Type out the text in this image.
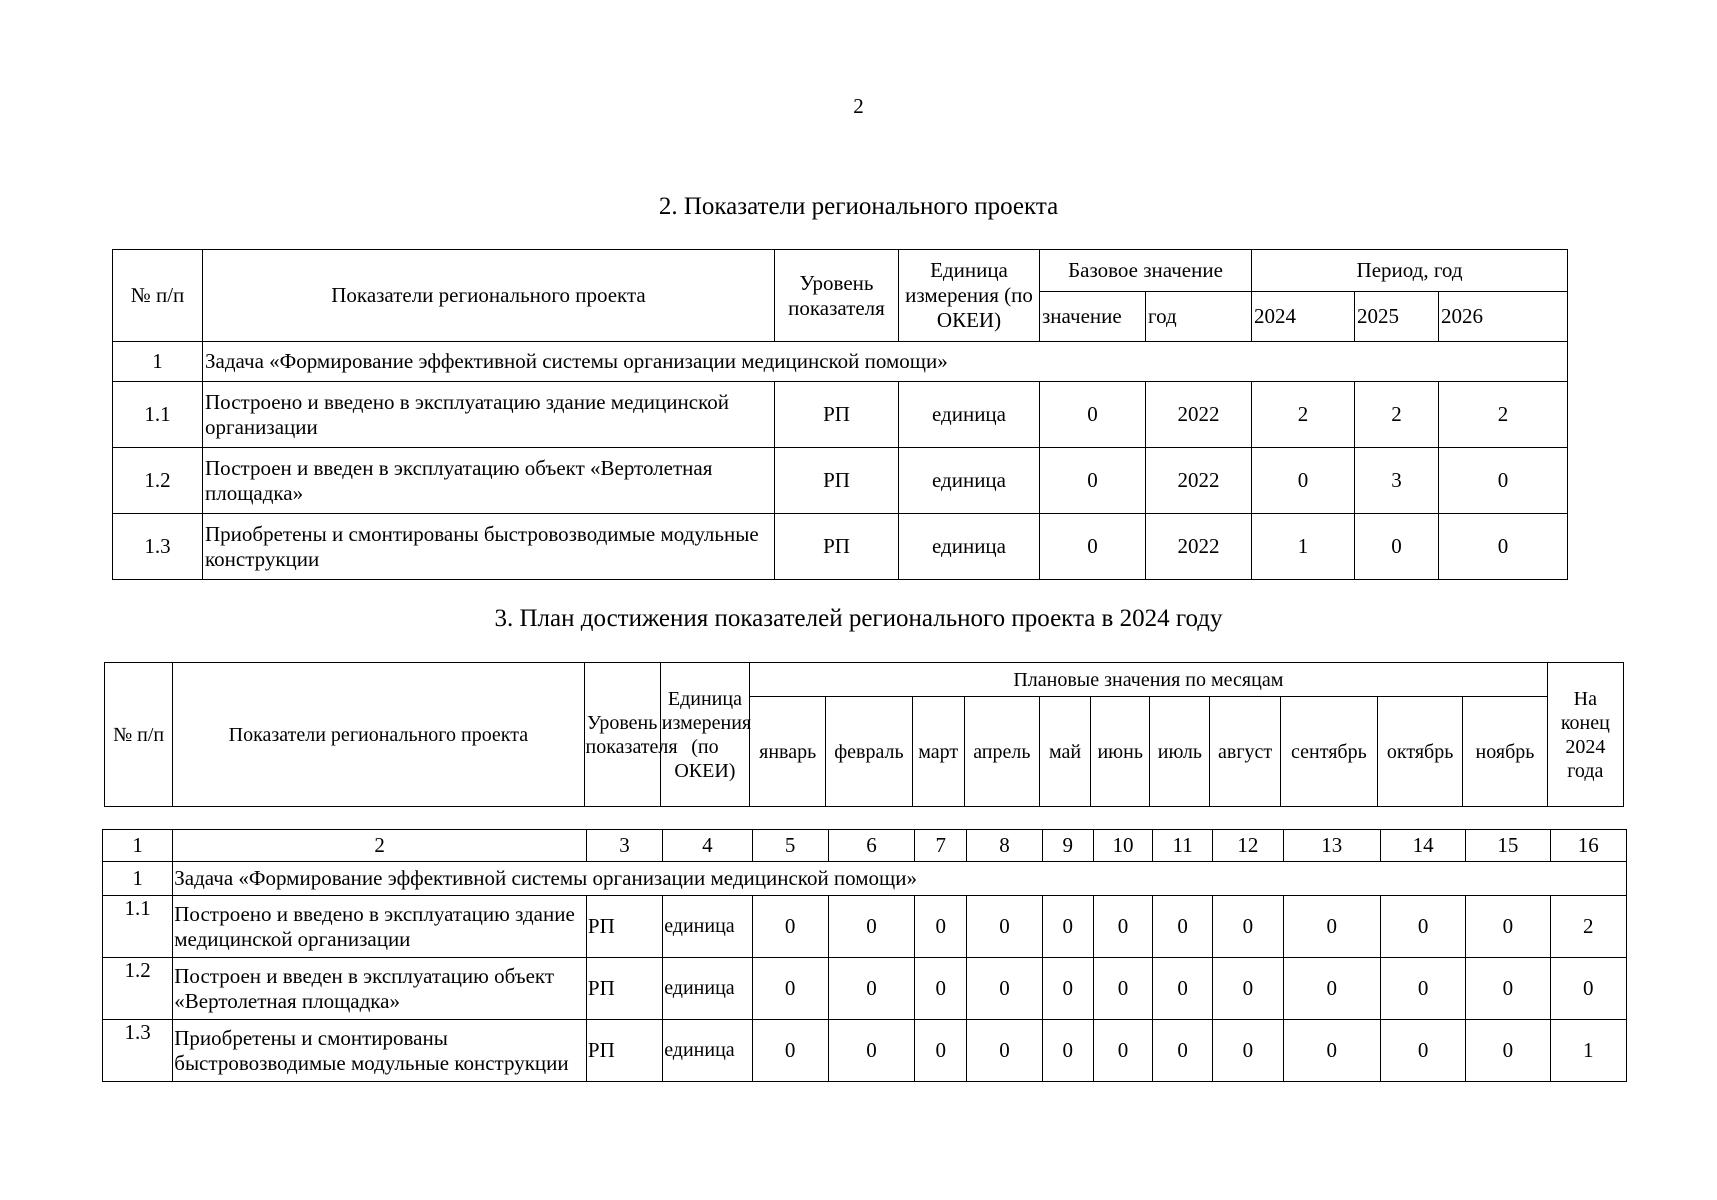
2
2. Показатели регионального проекта
№ п/п	Показатели регионального проекта	Уровень показателя	Единица измерения (по ОКЕИ)	Базовое значение		Период, год		
				значение	год	2024	2025	2026
1	Задача «Формирование эффективной системы организации медицинской помощи»							
1.1	Построено и введено в эксплуатацию здание медицинской организации	РП	единица	0	2022	2	2	2
1.2	Построен и введен в эксплуатацию объект «Вертолетная площадка»	РП	единица	0	2022	0	3	0
1.3	Приобретены и смонтированы быстровозводимые модульные конструкции	РП	единица	0	2022	1	0	0
3. План достижения показателей регионального проекта в 2024 году
№ п/п	Показатели регионального проекта	Уровень показателя	Единица измерения (по ОКЕИ)	Плановые значения по месяцам											На конец 2024 года
				январь	февраль	март	апрель	май	июнь	июль	август	сентябрь	октябрь	ноябрь	
1	2	3	4	5	6	7	8	9	10	11	12	13	14	15	16
1	Задача «Формирование эффективной системы организации медицинской помощи»														
1.1	Построено и введено в эксплуатацию здание медицинской организации	РП	единица	0	0	0	0	0	0	0	0	0	0	0	2
1.2	Построен и введен в эксплуатацию объект «Вертолетная площадка»	РП	единица	0	0	0	0	0	0	0	0	0	0	0	0
1.3	Приобретены и смонтированы быстровозводимые модульные конструкции	РП	единица	0	0	0	0	0	0	0	0	0	0	0	1
